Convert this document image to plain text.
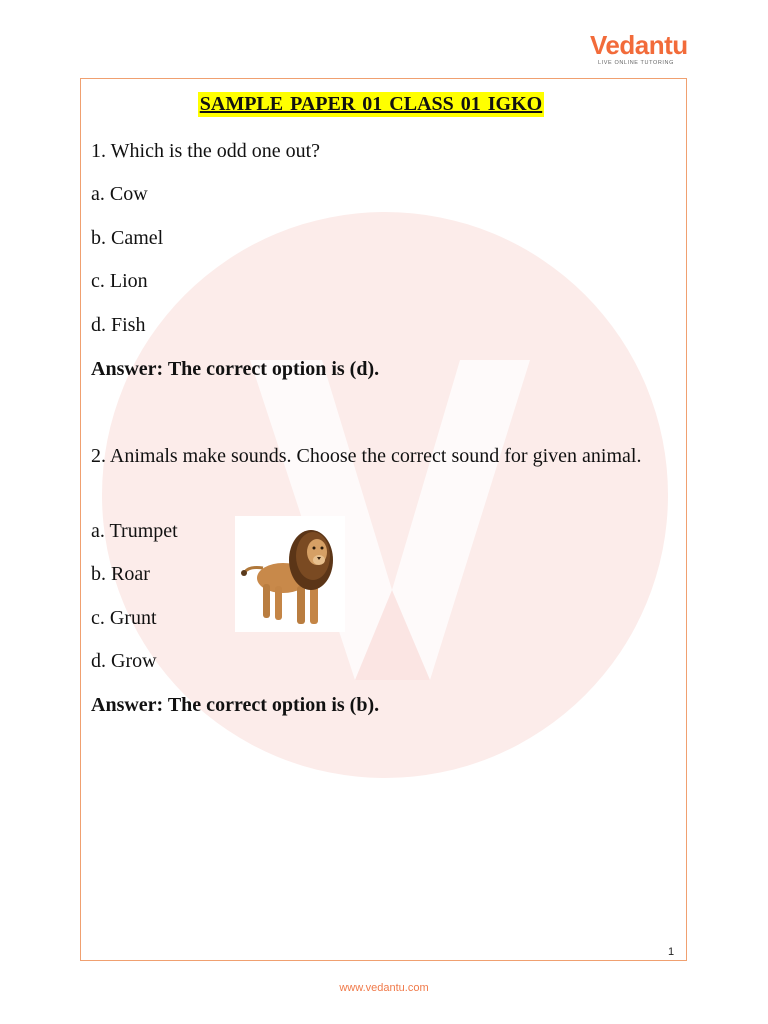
Vedantu
LIVE ONLINE TUTORING
SAMPLE PAPER 01 CLASS 01 IGKO
1. Which is the odd one out?
a. Cow
b. Camel
c. Lion
d. Fish
Answer: The correct option is (d).
2. Animals make sounds. Choose the correct sound for given animal.
a. Trumpet
b. Roar
c. Grunt
d. Grow
Answer: The correct option is (b).
1
www.vedantu.com
